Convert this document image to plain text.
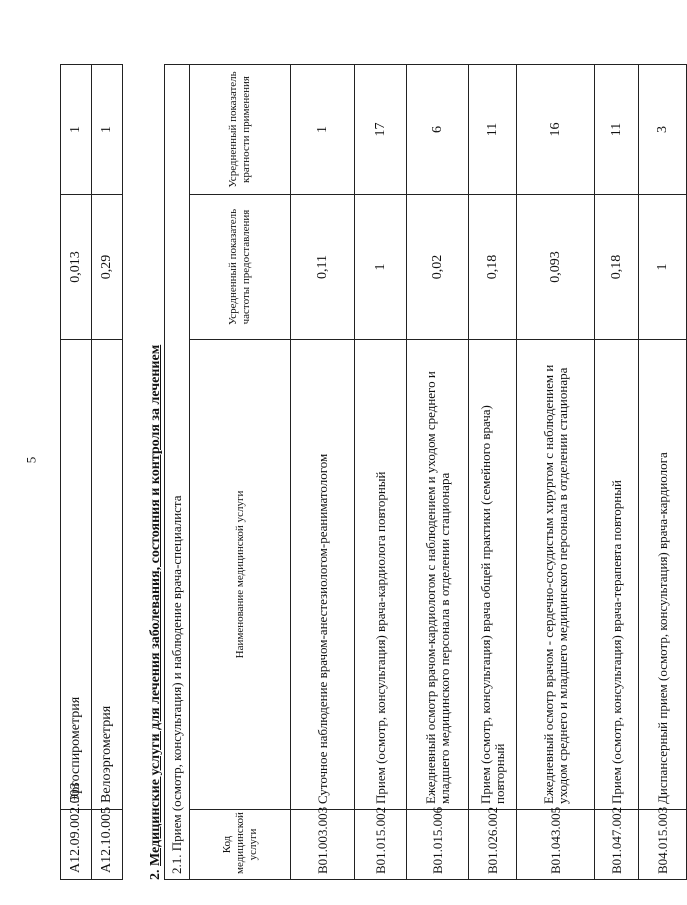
5
A12.09.002.003	Эргоспирометрия	0,013	1
A12.10.005	Велоэргометрия	0,29	1
2. Медицинские услуги для лечения заболевания, состояния и контроля за лечением 2.1. Прием (осмотр, консультация) и наблюдение врача-специалиста			
Код медицинской услуги	Наименование медицинской услуги	Усредненный показатель частоты предоставления	Усредненный показатель кратности применения
B01.003.003	Суточное наблюдение врачом-анестезиологом-реаниматологом	0,11	1
B01.015.002	Прием (осмотр, консультация) врача-кардиолога повторный	1	17
B01.015.006	Ежедневный осмотр врачом-кардиологом с наблюдением и уходом среднего и младшего медицинского персонала в отделении стационара	0,02	6
B01.026.002	Прием (осмотр, консультация) врача общей практики (семейного врача) повторный	0,18	11
B01.043.005	Ежедневный осмотр врачом - сердечно-сосудистым хирургом с наблюдением и уходом среднего и младшего медицинского персонала в отделении стационара	0,093	16
B01.047.002	Прием (осмотр, консультация) врача-терапевта повторный	0,18	11
B04.015.003	Диспансерный прием (осмотр, консультация) врача-кардиолога	1	3
